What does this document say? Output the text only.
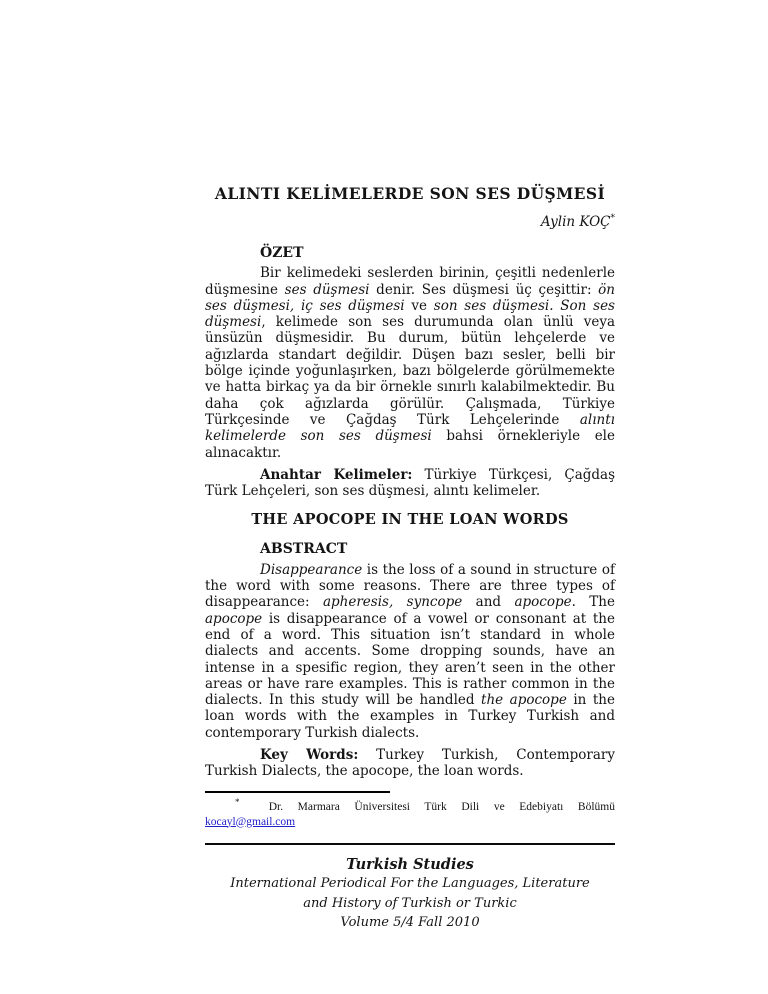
ALINTI KELİMELERDE SON SES DÜŞMESİ
Aylin KOÇ*
ÖZET
Bir kelimedeki seslerden birinin, çeşitli nedenlerle düşmesine ses düşmesi denir. Ses düşmesi üç çeşittir: ön ses düşmesi, iç ses düşmesi ve son ses düşmesi. Son ses düşmesi, kelimede son ses durumunda olan ünlü veya ünsüzün düşmesidir. Bu durum, bütün lehçelerde ve ağızlarda standart değildir. Düşen bazı sesler, belli bir bölge içinde yoğunlaşırken, bazı bölgelerde görülmemekte ve hatta birkaç ya da bir örnekle sınırlı kalabilmektedir. Bu daha çok ağızlarda görülür. Çalışmada, Türkiye Türkçesinde ve Çağdaş Türk Lehçelerinde alıntı kelimelerde son ses düşmesi bahsi örnekleriyle ele alınacaktır.
Anahtar Kelimeler: Türkiye Türkçesi, Çağdaş Türk Lehçeleri, son ses düşmesi, alıntı kelimeler.
THE APOCOPE IN THE LOAN WORDS
ABSTRACT
Disappearance is the loss of a sound in structure of the word with some reasons. There are three types of disappearance: apheresis, syncope and apocope. The apocope is disappearance of a vowel or consonant at the end of a word. This situation isn’t standard in whole dialects and accents. Some dropping sounds, have an intense in a spesific region, they aren’t seen in the other areas or have rare examples. This is rather common in the dialects. In this study will be handled the apocope in the loan words with the examples in Turkey Turkish and contemporary Turkish dialects.
Key Words: Turkey Turkish, Contemporary Turkish Dialects, the apocope, the loan words.
*	Dr. Marmara Üniversitesi Türk Dili ve Edebiyatı Bölümü
kocayl@gmail.com
Turkish Studies
International Periodical For the Languages, Literature
and History of Turkish or Turkic
Volume 5/4 Fall 2010
